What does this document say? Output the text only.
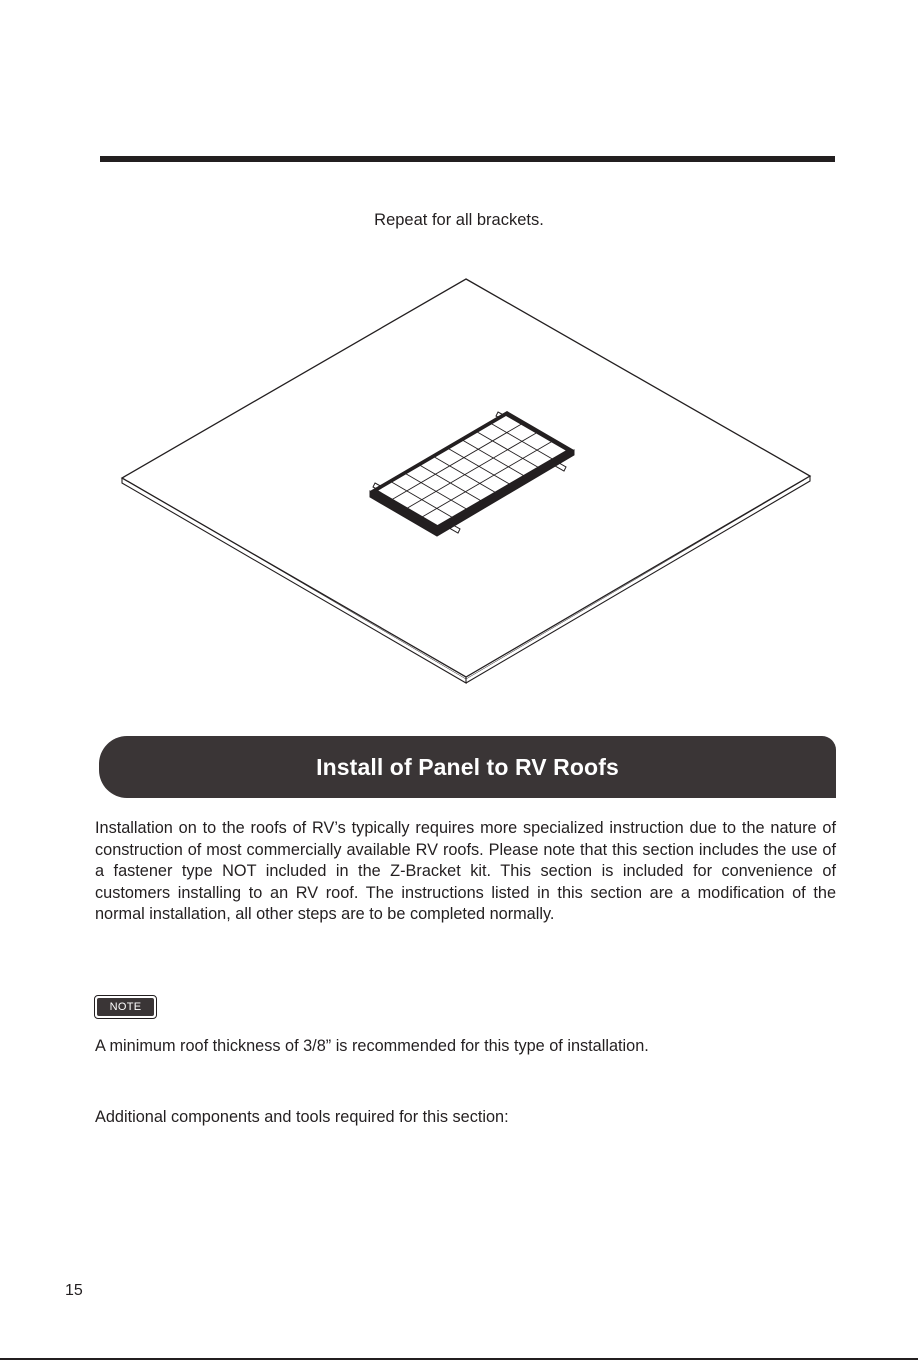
Repeat for all brackets.
Install of Panel to RV Roofs

Installation on to the roofs of RV’s typically requires more specialized instruction due to the nature of construction of most commercially available RV roofs. Please note that this section includes the use of a fastener type NOT included in the Z-Bracket kit. This section is included for convenience of customers installing to an RV roof. The instructions listed in this section are a modification of the normal installation, all other steps are to be completed normally.

NOTE
A minimum roof thickness of 3/8” is recommended for this type of installation.
Additional components and tools required for this section:
15
